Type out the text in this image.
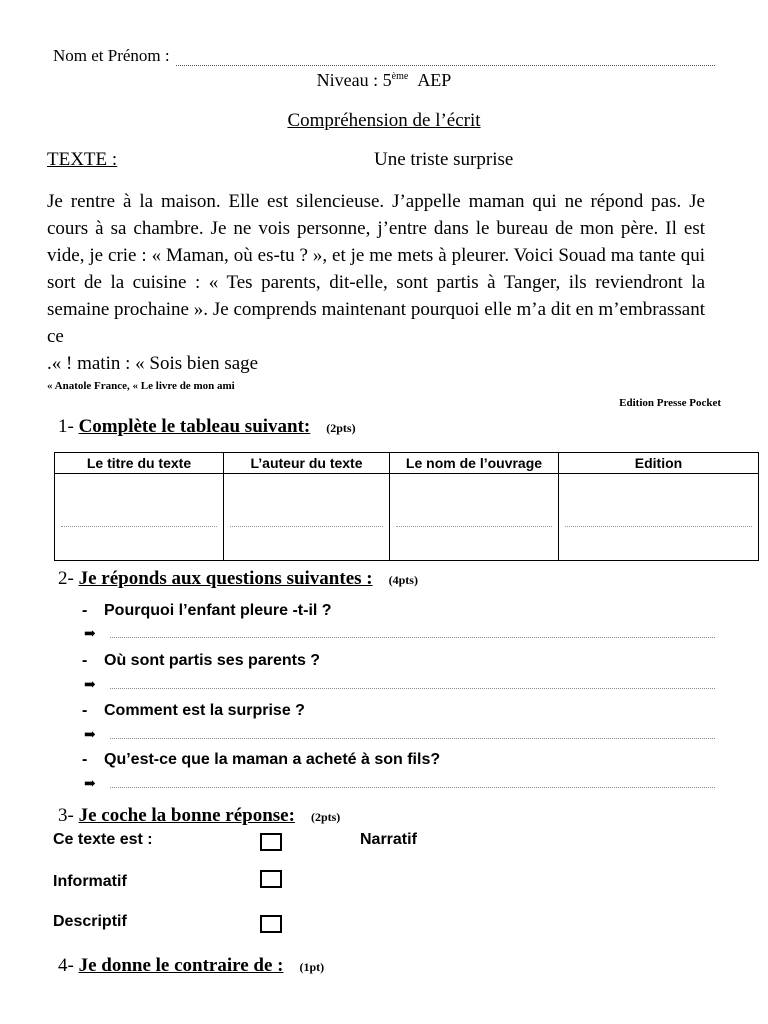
Nom et Prénom :
Niveau : 5ème AEP
Compréhension de l’écrit
TEXTE :	Une triste surprise

Je rentre à la maison. Elle est silencieuse. J’appelle maman qui ne répond pas. Je cours à sa chambre. Je ne vois personne, j’entre dans le bureau de mon père. Il est vide, je crie : « Maman, où es-tu ? », et je me mets à pleurer. Voici Souad ma tante qui sort de la cuisine : « Tes parents, dit-elle, sont partis à Tanger, ils reviendront la semaine prochaine ». Je comprends maintenant pourquoi elle m’a dit en m’embrassant ce

.« ! matin : « Sois bien sage

« Anatole France, « Le livre de mon ami
Edition Presse Pocket
1-
Complète le tableau suivant: (2pts)
Le titre du texte	L’auteur du texte	Le nom de l’ouvrage	Edition

2-
Je réponds aux questions suivantes : (4pts)
- Pourquoi l’enfant pleure -t-il ?
➡
- Où sont partis ses parents ?
➡
- Comment est la surprise ?
➡
- Qu’est-ce que la maman a acheté à son fils?
➡
3-
Je coche la bonne réponse: (2pts)
Ce texte est :	Narratif
Informatif
Descriptif
4-
Je donne le contraire de : (1pt)
